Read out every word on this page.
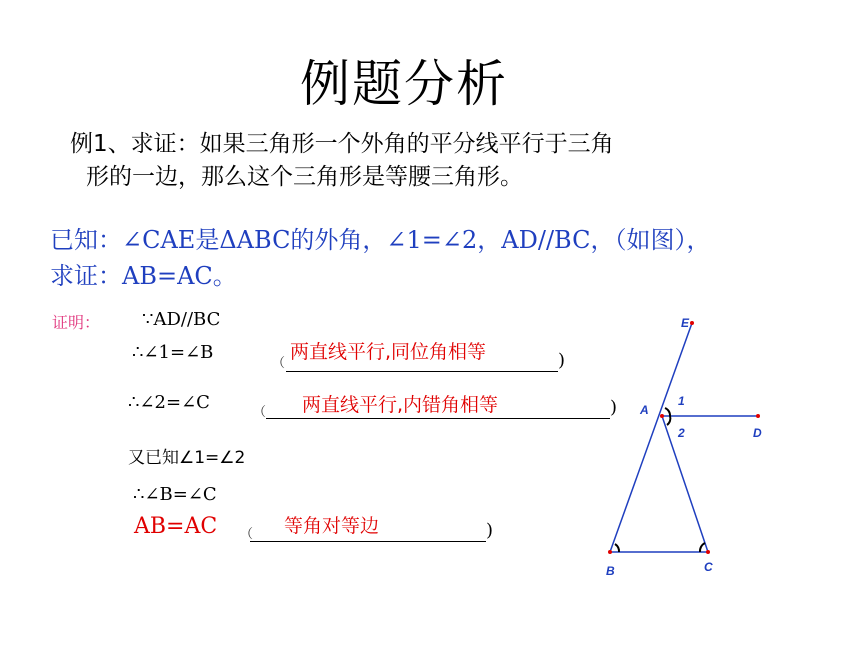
例题分析
例1、求证：如果三角形一个外角的平分线平行于三角
形的一边，那么这个三角形是等腰三角形。
已知：∠CAE是ΔABC的外角，∠1=∠2，AD//BC，（如图），
求证：AB=AC。
证明： ∵AD//BC
∴∠1=∠B
（
两直线平行,同位角相等	)
∴∠2=∠C	（ 两直线平行,内错角相等	)
又已知∠1=∠2
∴∠B=∠C
AB=AC （ 等角对等边	)
E
A
D
B	C
1
2
